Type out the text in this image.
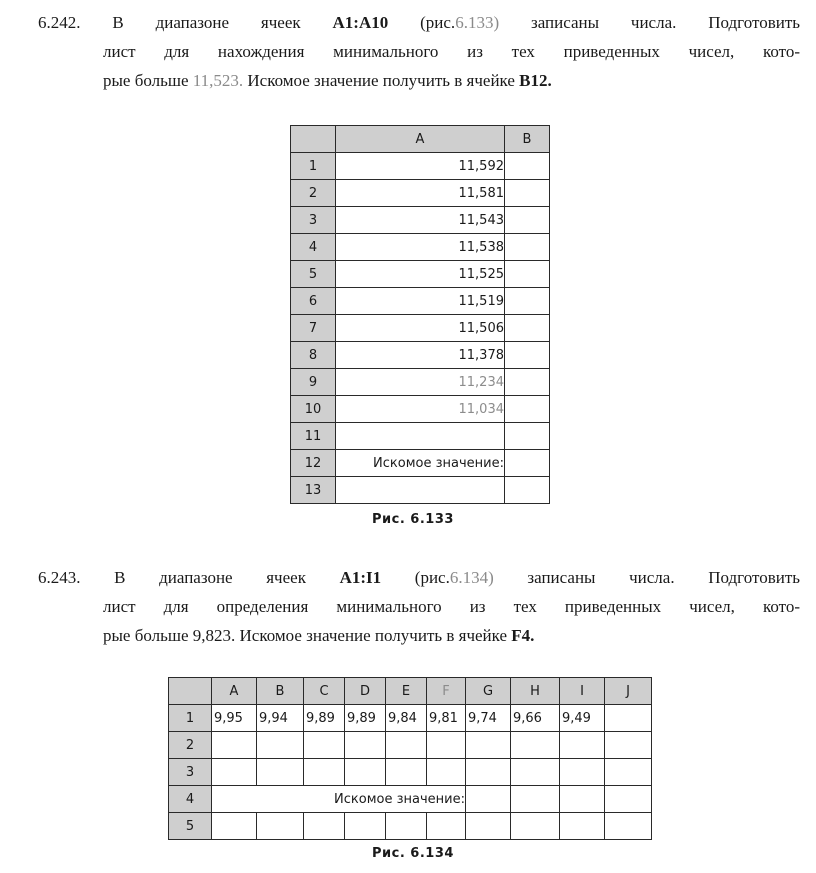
6.242. В диапазоне ячеек A1:A10 (рис.6.133) записаны числа. Подготовить
лист для нахождения минимального из тех приведенных чисел, кото-
рые больше 11,523. Искомое значение получить в ячейке B12.
	A	B
1	11,592	
2	11,581	
3	11,543	
4	11,538	
5	11,525	
6	11,519	
7	11,506	
8	11,378	
9	11,234	
10	11,034	
11		
12	Искомое значение:	
13		
Рис. 6.133
6.243. В диапазоне ячеек A1:I1 (рис.6.134) записаны числа. Подготовить
лист для определения минимального из тех приведенных чисел, кото-
рые больше 9,823. Искомое значение получить в ячейке F4.
	A	B	C	D	E	F	G	H	I	J
1	9,95	9,94	9,89	9,89	9,84	9,81	9,74	9,66	9,49	
2										
3										
4	Искомое значение:									
5										
Рис. 6.134
